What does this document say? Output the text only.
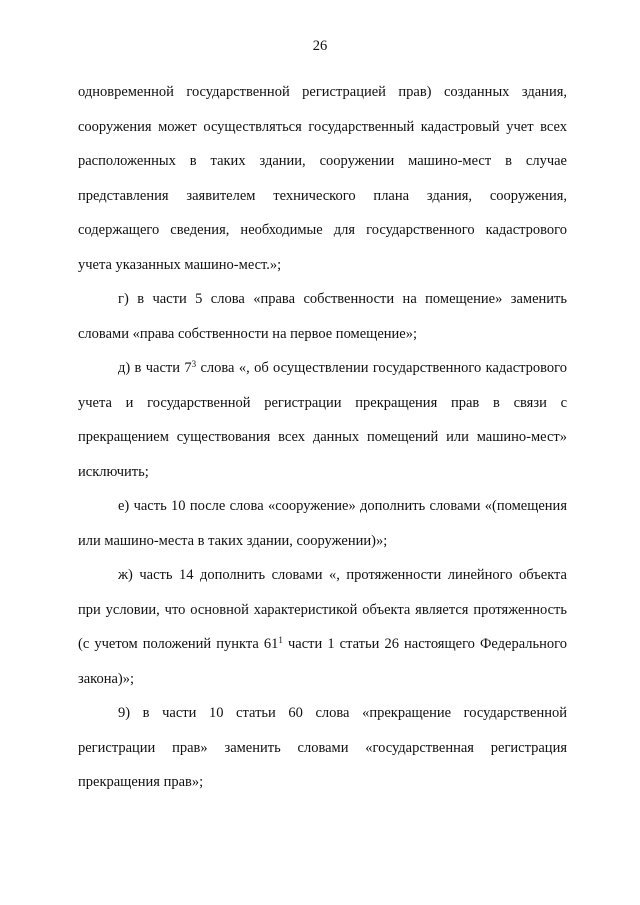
26

одновременной государственной регистрацией прав) созданных здания, сооружения может осуществляться государственный кадастровый учет всех расположенных в таких здании, сооружении машино-мест в случае представления заявителем технического плана здания, сооружения, содержащего сведения, необходимые для государственного кадастрового учета указанных машино-мест.»;

г) в части 5 слова «права собственности на помещение» заменить словами «права собственности на первое помещение»;

д) в части $7^3$ слова «, об осуществлении государственного кадастрового учета и государственной регистрации прекращения прав в связи с прекращением существования всех данных помещений или машино-мест» исключить;

е) часть 10 после слова «сооружение» дополнить словами «(помещения или машино-места в таких здании, сооружении)»;

ж) часть 14 дополнить словами «, протяженности линейного объекта при условии, что основной характеристикой объекта является протяженность (с учетом положений пункта $61^1$ части 1 статьи 26 настоящего Федерального закона)»;

9) в части 10 статьи 60 слова «прекращение государственной регистрации прав» заменить словами «государственная регистрация прекращения прав»;
